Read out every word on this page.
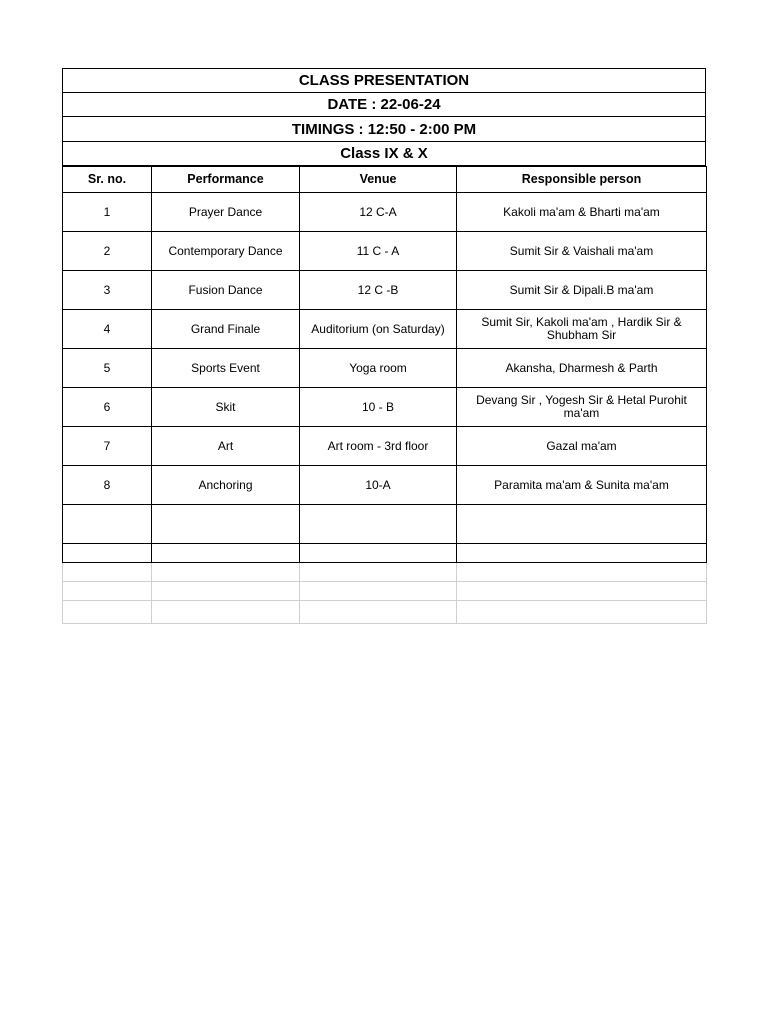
CLASS PRESENTATION
DATE : 22-06-24
TIMINGS : 12:50 - 2:00 PM
Class IX & X
Sr. no.	Performance	Venue	Responsible person
1	Prayer Dance	12 C-A	Kakoli ma'am & Bharti ma'am
2	Contemporary Dance	11 C - A	Sumit Sir & Vaishali ma'am
3	Fusion Dance	12 C -B	Sumit Sir & Dipali.B ma'am
4	Grand Finale	Auditorium (on Saturday)	Sumit Sir, Kakoli ma'am , Hardik Sir & Shubham Sir
5	Sports Event	Yoga room	Akansha, Dharmesh & Parth
6	Skit	10 - B	Devang Sir , Yogesh Sir & Hetal Purohit ma'am
7	Art	Art room - 3rd floor	Gazal ma'am
8	Anchoring	10-A	Paramita ma'am & Sunita ma'am
